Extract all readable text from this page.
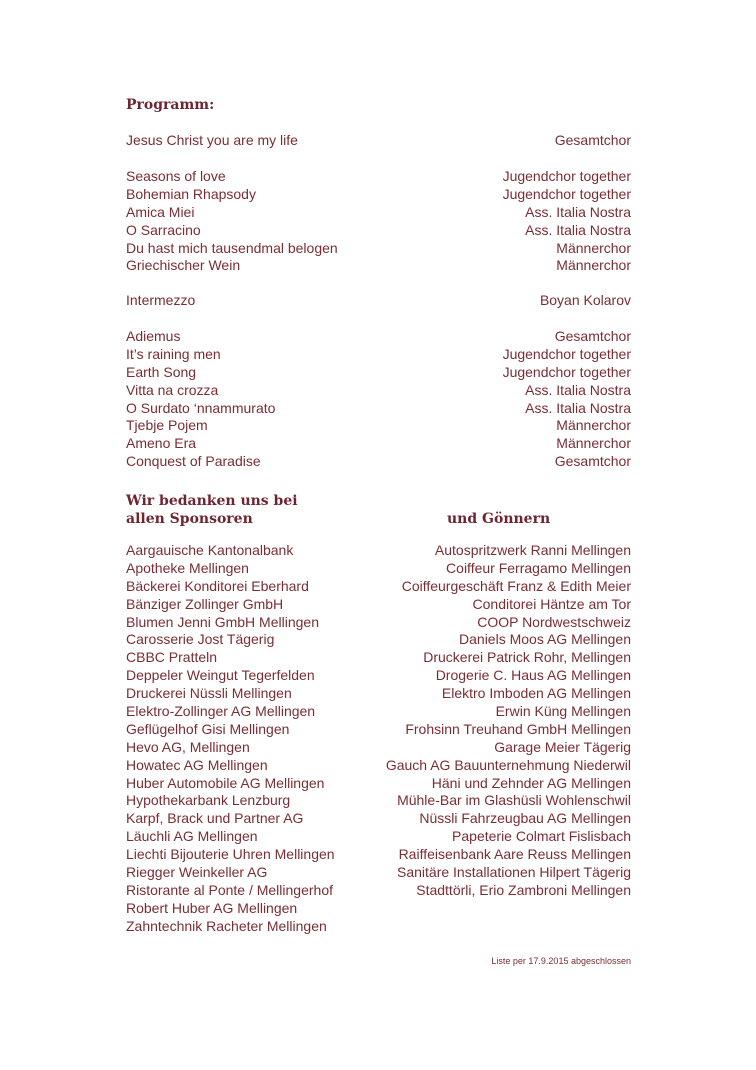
Programm:
Jesus Christ you are my life	Gesamtchor
Seasons of love	Jugendchor together
Bohemian Rhapsody	Jugendchor together
Amica Miei	Ass. Italia Nostra
O Sarracino	Ass. Italia Nostra
Du hast mich tausendmal belogen	Männerchor
Griechischer Wein	Männerchor
Intermezzo	Boyan Kolarov
Adiemus	Gesamtchor
It’s raining men	Jugendchor together
Earth Song	Jugendchor together
Vitta na crozza	Ass. Italia Nostra
O Surdato ‘nnammurato	Ass. Italia Nostra
Tjebje Pojem	Männerchor
Ameno Era	Männerchor
Conquest of Paradise	Gesamtchor
Wir bedanken uns bei
allen Sponsoren	und Gönnern
Aargauische Kantonalbank
Apotheke Mellingen
Bäckerei Konditorei Eberhard
Bänziger Zollinger GmbH
Blumen Jenni GmbH Mellingen
Carosserie Jost Tägerig
CBBC Pratteln
Deppeler Weingut Tegerfelden
Druckerei Nüssli Mellingen
Elektro-Zollinger AG Mellingen
Geflügelhof Gisi Mellingen
Hevo AG, Mellingen
Howatec AG Mellingen
Huber Automobile AG Mellingen
Hypothekarbank Lenzburg
Karpf, Brack und Partner AG
Läuchli AG Mellingen
Liechti Bijouterie Uhren Mellingen
Riegger Weinkeller AG
Ristorante al Ponte / Mellingerhof
Robert Huber AG Mellingen
Zahntechnik Racheter Mellingen
Autospritzwerk Ranni Mellingen
Coiffeur Ferragamo Mellingen
Coiffeurgeschäft Franz & Edith Meier
Conditorei Häntze am Tor
COOP Nordwestschweiz
Daniels Moos AG Mellingen
Druckerei Patrick Rohr, Mellingen
Drogerie C. Haus AG Mellingen
Elektro Imboden AG Mellingen
Erwin Küng Mellingen
Frohsinn Treuhand GmbH Mellingen
Garage Meier Tägerig
Gauch AG Bauunternehmung Niederwil
Häni und Zehnder AG Mellingen
Mühle-Bar im Glashüsli Wohlenschwil
Nüssli Fahrzeugbau AG Mellingen
Papeterie Colmart Fislisbach
Raiffeisenbank Aare Reuss Mellingen
Sanitäre Installationen Hilpert Tägerig
Stadttörli, Erio Zambroni Mellingen
Liste per 17.9.2015 abgeschlossen
